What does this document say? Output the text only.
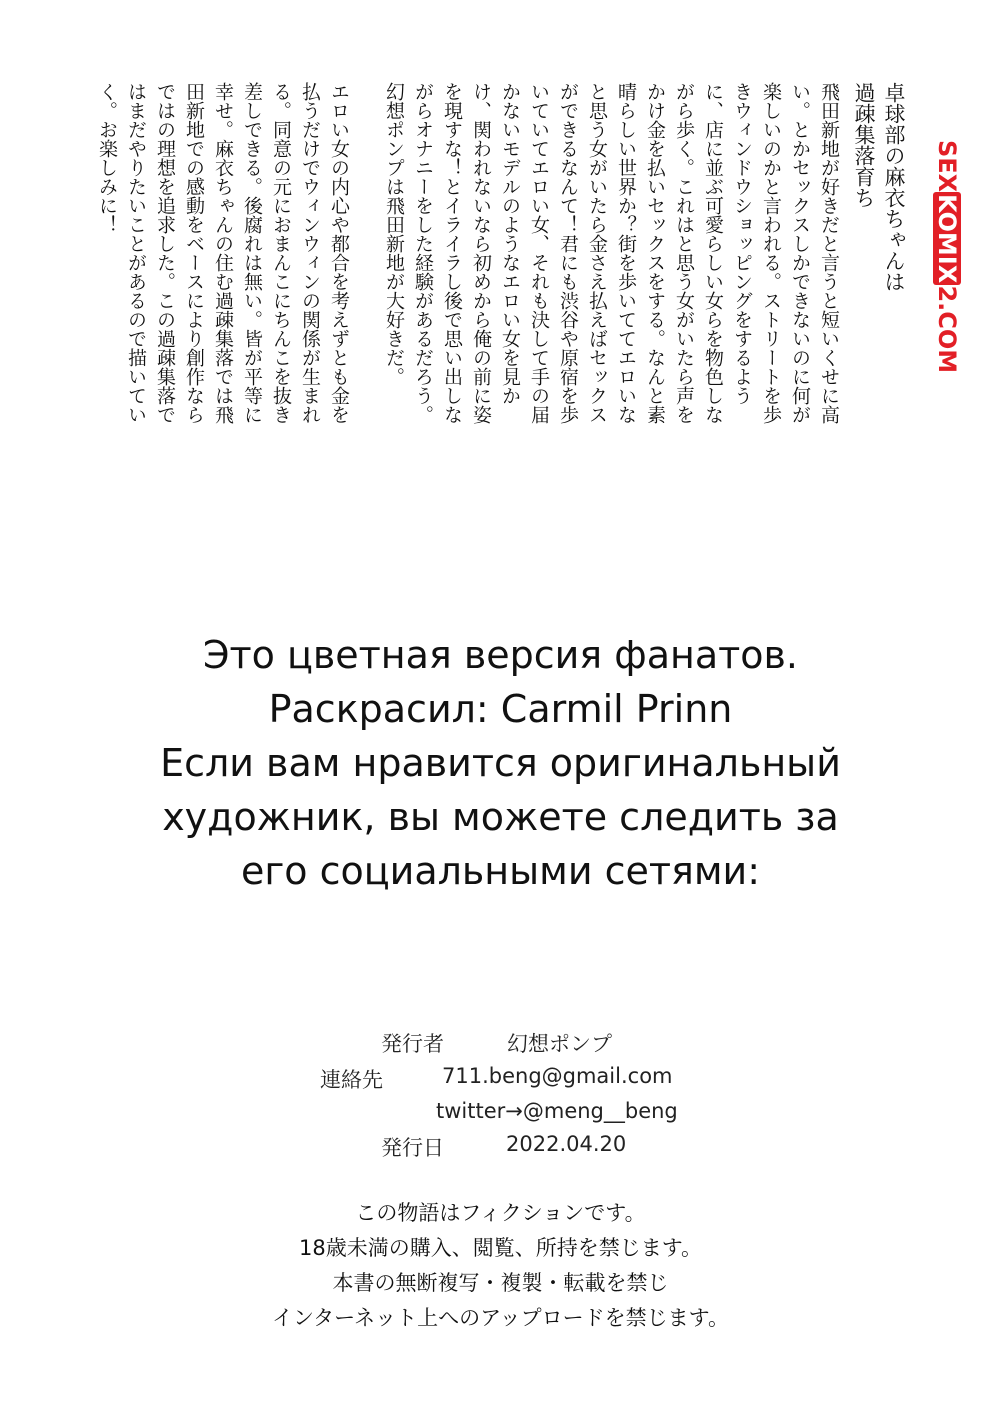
卓球部の麻衣ちゃんは
過疎集落育ち

飛田新地が好きだと言うと短いくせに高い。とかセックスしかできないのに何が楽しいのかと言われる。ストリートを歩きウィンドウショッピングをするように、店に並ぶ可愛らしい女らを物色しながら歩く。これはと思う女がいたら声をかけ金を払いセックスをする。なんと素晴らしい世界か？街を歩いててエロいなと思う女がいたら金さえ払えばセックスができるなんて！君にも渋谷や原宿を歩いていてエロい女、それも決して手の届かないモデルのようなエロい女を見かけ、関われないなら初めから俺の前に姿を現すな！とイライラし後で思い出しながらオナニーをした経験があるだろう。幻想ポンプは飛田新地が大好きだ。

エロい女の内心や都合を考えずとも金を払うだけでウィンウィンの関係が生まれる。同意の元におまんこにちんこを抜き差しできる。後腐れは無い。皆が平等に幸せ。麻衣ちゃんの住む過疎集落では飛田新地での感動をベースにより創作ならではの理想を追求した。この過疎集落ではまだやりたいことがあるので描いていく。お楽しみに！	SEXKOMIX2.COM
Это цветная версия фанатов.
Раскрасил: Carmil Prinn
Если вам нравится оригинальный
художник, вы можете следить за
его социальными сетями:
発行者	幻想ポンプ
連絡先	711.beng@gmail.com
twitter→@meng__beng
発行日	2022.04.20
この物語はフィクションです。
18歳未満の購入、閲覧、所持を禁じます。
本書の無断複写・複製・転載を禁じ
インターネット上へのアップロードを禁じます。
